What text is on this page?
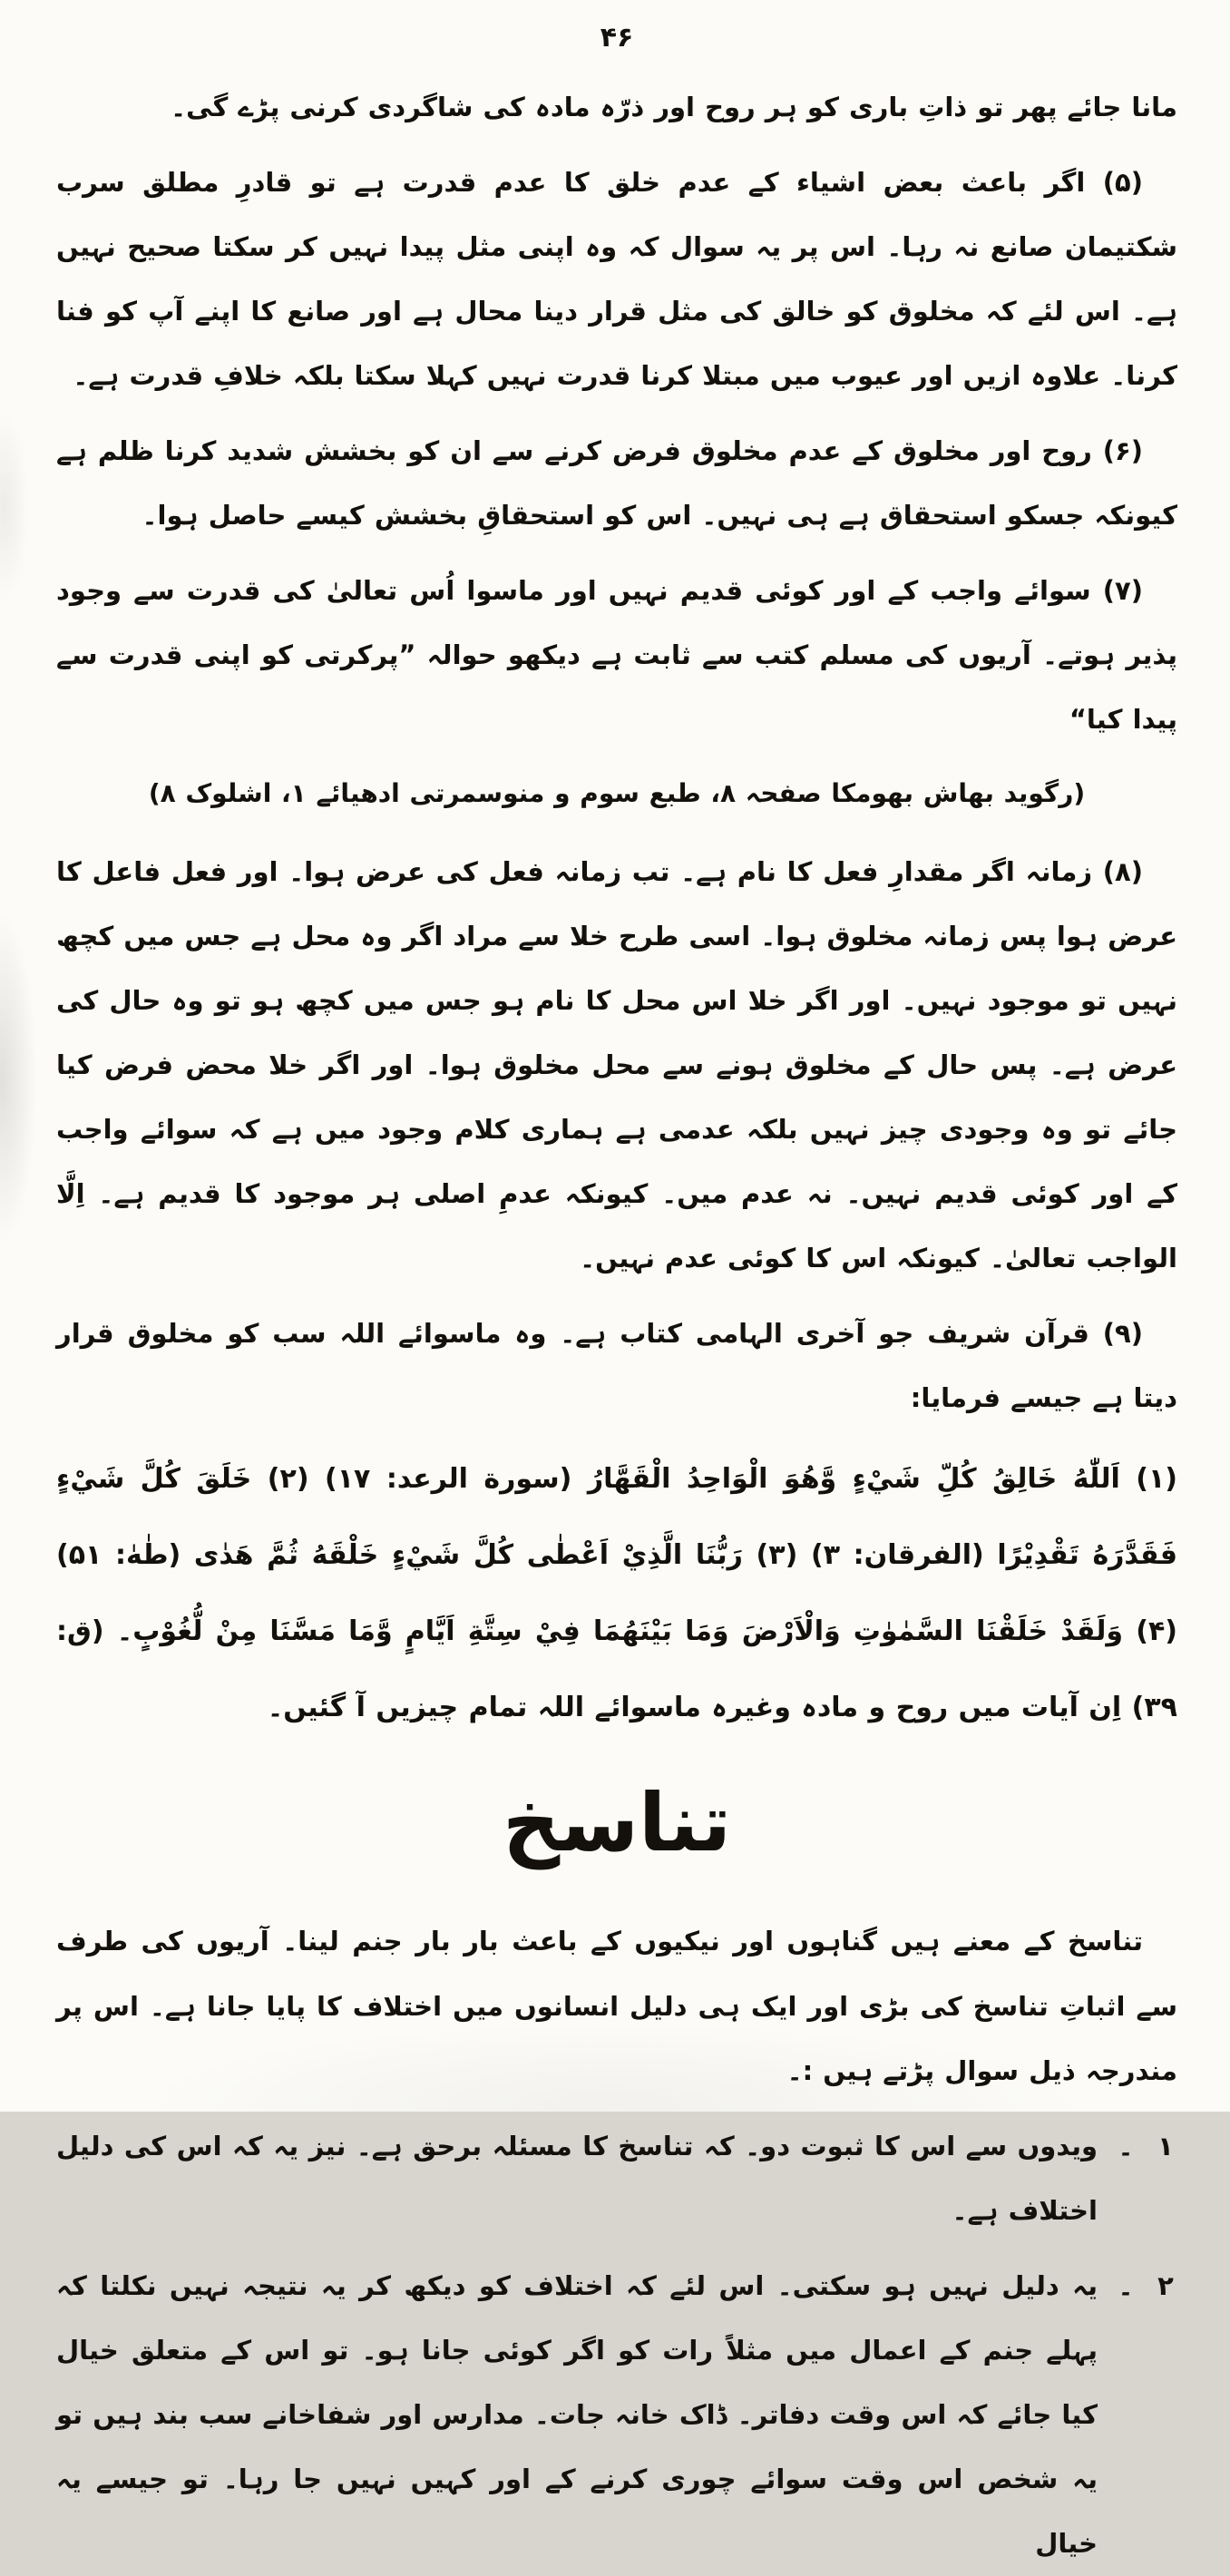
۴۶

مانا جائے پھر تو ذاتِ باری کو ہر روح اور ذرّہ مادہ کی شاگردی کرنی پڑے گی۔

(۵) اگر باعث بعض اشیاء کے عدم خلق کا عدم قدرت ہے تو قادرِ مطلق سرب شکتیمان صانع نہ رہا۔ اس پر یہ سوال کہ وہ اپنی مثل پیدا نہیں کر سکتا صحیح نہیں ہے۔ اس لئے کہ مخلوق کو خالق کی مثل قرار دینا محال ہے اور صانع کا اپنے آپ کو فنا کرنا۔ علاوہ ازیں اور عیوب میں مبتلا کرنا قدرت نہیں کہلا سکتا بلکہ خلافِ قدرت ہے۔

(۶) روح اور مخلوق کے عدم مخلوق فرض کرنے سے ان کو بخشش شدید کرنا ظلم ہے کیونکہ جسکو استحقاق ہے ہی نہیں۔ اس کو استحقاقِ بخشش کیسے حاصل ہوا۔

(۷) سوائے واجب کے اور کوئی قدیم نہیں اور ماسوا اُس تعالیٰ کی قدرت سے وجود پذیر ہوتے۔ آریوں کی مسلم کتب سے ثابت ہے دیکھو حوالہ ”پرکرتی کو اپنی قدرت سے پیدا کیا“

(رگوید بھاش بھومکا صفحہ ۸، طبع سوم و منوسمرتی ادھیائے ۱، اشلوک ۸)

(۸) زمانہ اگر مقدارِ فعل کا نام ہے۔ تب زمانہ فعل کی عرض ہوا۔ اور فعل فاعل کا عرض ہوا پس زمانہ مخلوق ہوا۔ اسی طرح خلا سے مراد اگر وہ محل ہے جس میں کچھ نہیں تو موجود نہیں۔ اور اگر خلا اس محل کا نام ہو جس میں کچھ ہو تو وہ حال کی عرض ہے۔ پس حال کے مخلوق ہونے سے محل مخلوق ہوا۔ اور اگر خلا محض فرض کیا جائے تو وہ وجودی چیز نہیں بلکہ عدمی ہے ہماری کلام وجود میں ہے کہ سوائے واجب کے اور کوئی قدیم نہیں۔ نہ عدم میں۔ کیونکہ عدمِ اصلی ہر موجود کا قدیم ہے۔ اِلَّا الواجب تعالیٰ۔ کیونکہ اس کا کوئی عدم نہیں۔

(۹) قرآن شریف جو آخری الہامی کتاب ہے۔ وہ ماسوائے اللہ سب کو مخلوق قرار دیتا ہے جیسے فرمایا:

(۱) اَللّٰهُ خَالِقُ كُلِّ شَيْءٍ وَّهُوَ الْوَاحِدُ الْقَهَّارُ (سورة الرعد: ۱۷) (۲) خَلَقَ كُلَّ شَيْءٍ فَقَدَّرَهُ تَقْدِيْرًا (الفرقان: ۳) (۳) رَبُّنَا الَّذِيْ اَعْطٰى كُلَّ شَيْءٍ خَلْقَهُ ثُمَّ هَدٰى (طٰهٰ: ۵۱) (۴) وَلَقَدْ خَلَقْنَا السَّمٰوٰتِ وَالْاَرْضَ وَمَا بَيْنَهُمَا فِيْ سِتَّةِ اَيَّامٍ وَّمَا مَسَّنَا مِنْ لُّغُوْبٍ۔ (ق: ۳۹) اِن آیات میں روح و مادہ وغیرہ ماسوائے اللہ تمام چیزیں آ گئیں۔

تناسخ

تناسخ کے معنے ہیں گناہوں اور نیکیوں کے باعث بار بار جنم لینا۔ آریوں کی طرف سے اثباتِ تناسخ کی بڑی اور ایک ہی دلیل انسانوں میں اختلاف کا پایا جانا ہے۔ اس پر مندرجہ ذیل سوال پڑتے ہیں :۔

۱
۔
ویدوں سے اس کا ثبوت دو۔ کہ تناسخ کا مسئلہ برحق ہے۔ نیز یہ کہ اس کی دلیل اختلاف ہے۔
۲
۔
یہ دلیل نہیں ہو سکتی۔ اس لئے کہ اختلاف کو دیکھ کر یہ نتیجہ نہیں نکلتا کہ پہلے جنم کے اعمال میں مثلاً رات کو اگر کوئی جانا ہو۔ تو اس کے متعلق خیال کیا جائے کہ اس وقت دفاتر۔ ڈاک خانہ جات۔ مدارس اور شفاخانے سب بند ہیں تو یہ شخص اس وقت سوائے چوری کرنے کے اور کہیں نہیں جا رہا۔ تو جیسے یہ خیال
